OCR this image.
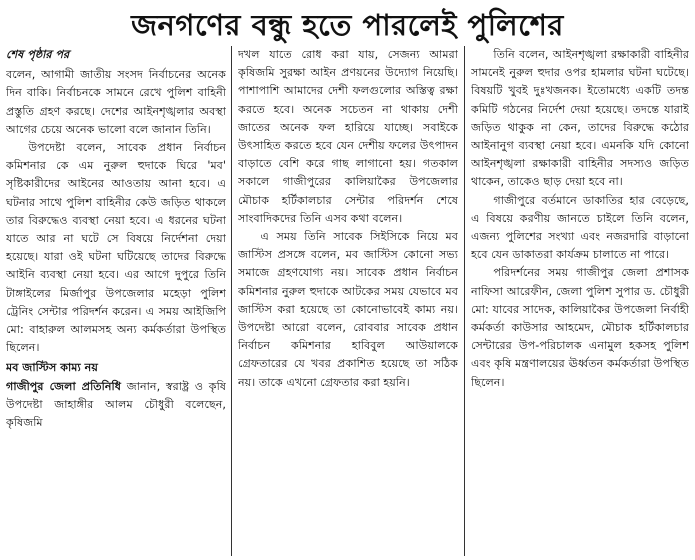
জনগণের বন্ধু হতে পারলেই পুলিশের
শেষ পৃষ্ঠার পর

বলেন, আগামী জাতীয় সংসদ নির্বাচনের অনেক দিন বাকি। নির্বাচনকে সামনে রেখে পুলিশ বাহিনী প্রস্তুতি গ্রহণ করছে। দেশের আইনশৃঙ্খলার অবস্থা আগের চেয়ে অনেক ভালো বলে জানান তিনি।

উপদেষ্টা বলেন, সাবেক প্রধান নির্বাচন কমিশনার কে এম নুরুল হুদাকে ঘিরে 'মব' সৃষ্টিকারীদের আইনের আওতায় আনা হবে। এ ঘটনার সাথে পুলিশ বাহিনীর কেউ জড়িত থাকলে তার বিরুদ্ধেও ব্যবস্থা নেয়া হবে। এ ধরনের ঘটনা যাতে আর না ঘটে সে বিষয়ে নির্দেশনা দেয়া হয়েছে। যারা ওই ঘটনা ঘটিয়েছে তাদের বিরুদ্ধে আইনি ব্যবস্থা নেয়া হবে। এর আগে দুপুরে তিনি টাঙ্গাইলের মির্জাপুর উপজেলার মহেড়া পুলিশ ট্রেনিং সেন্টার পরিদর্শন করেন। এ সময় আইজিপি মো: বাহারুল আলমসহ অন্য কর্মকর্তারা উপস্থিত ছিলেন।

মব জাস্টিস কাম্য নয়

গাজীপুর জেলা প্রতিনিধি জানান, স্বরাষ্ট্র ও কৃষি উপদেষ্টা জাহাঙ্গীর আলম চৌধুরী বলেছেন, কৃষিজমি

দখল যাতে রোধ করা যায়, সেজন্য আমরা কৃষিজমি সুরক্ষা আইন প্রণয়নের উদ্যোগ নিয়েছি। পাশাপাশি আমাদের দেশী ফলগুলোর অস্তিত্ব রক্ষা করতে হবে। অনেক সচেতন না থাকায় দেশী জাতের অনেক ফল হারিয়ে যাচ্ছে। সবাইকে উৎসাহিত করতে হবে যেন দেশীয় ফলের উৎপাদন বাড়াতে বেশি করে গাছ লাগানো হয়। গতকাল সকালে গাজীপুরের কালিয়াকৈর উপজেলার মৌচাক হর্টিকালচার সেন্টার পরিদর্শন শেষে সাংবাদিকদের তিনি এসব কথা বলেন।

এ সময় তিনি সাবেক সিইসিকে নিয়ে মব জাস্টিস প্রসঙ্গে বলেন, মব জাস্টিস কোনো সভ্য সমাজে গ্রহণযোগ্য নয়। সাবেক প্রধান নির্বাচন কমিশনার নুরুল হুদাকে আটকের সময় যেভাবে মব জাস্টিস করা হয়েছে তা কোনোভাবেই কাম্য নয়। উপদেষ্টা আরো বলেন, রোববার সাবেক প্রধান নির্বাচন কমিশনার হাবিবুল আউয়ালকে গ্রেফতারের যে খবর প্রকাশিত হয়েছে তা সঠিক নয়। তাকে এখনো গ্রেফতার করা হয়নি।

তিনি বলেন, আইনশৃঙ্খলা রক্ষাকারী বাহিনীর সামনেই নুরুল হুদার ওপর হামলার ঘটনা ঘটেছে। বিষয়টি খুবই দুঃখজনক। ইতোমধ্যে একটি তদন্ত কমিটি গঠনের নির্দেশ দেয়া হয়েছে। তদন্তে যারাই জড়িত থাকুক না কেন, তাদের বিরুদ্ধে কঠোর আইনানুগ ব্যবস্থা নেয়া হবে। এমনকি যদি কোনো আইনশৃঙ্খলা রক্ষাকারী বাহিনীর সদস্যও জড়িত থাকেন, তাকেও ছাড় দেয়া হবে না।

গাজীপুরে বর্তমানে ডাকাতির হার বেড়েছে, এ বিষয়ে করণীয় জানতে চাইলে তিনি বলেন, এজন্য পুলিশের সংখ্যা এবং নজরদারি বাড়ানো হবে যেন ডাকাতরা কার্যক্রম চালাতে না পারে।

পরিদর্শনের সময় গাজীপুর জেলা প্রশাসক নাফিসা আরেফীন, জেলা পুলিশ সুপার ড. চৌধুরী মো: যাবের সাদেক, কালিয়াকৈর উপজেলা নির্বাহী কর্মকর্তা কাউসার আহমেদ, মৌচাক হর্টিকালচার সেন্টারের উপ-পরিচালক এনামুল হকসহ পুলিশ এবং কৃষি মন্ত্রণালয়ের ঊর্ধ্বতন কর্মকর্তারা উপস্থিত ছিলেন।
